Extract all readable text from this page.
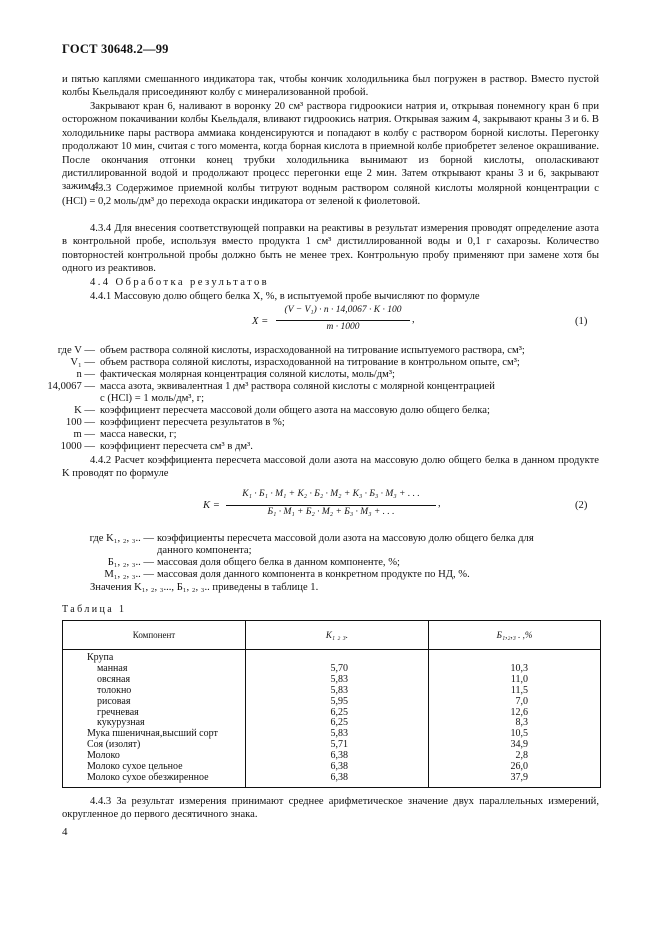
ГОСТ 30648.2—99
и пятью каплями смешанного индикатора так, чтобы кончик холодильника был погружен в раствор. Вместо пустой колбы Кьельдаля присоединяют колбу с минерализованной пробой.
Закрывают кран 6, наливают в воронку 20 см³ раствора гидроокиси натрия и, открывая понемногу кран 6 при осторожном покачивании колбы Кьельдаля, вливают гидроокись натрия. Открывая зажим 4, закрывают краны 3 и 6. В холодильнике пары раствора аммиака конденсируются и попадают в колбу с раствором борной кислоты. Перегонку продолжают 10 мин, считая с того момента, когда борная кислота в приемной колбе приобретет зеленое окрашивание. После окончания отгонки конец трубки холодильника вынимают из борной кислоты, ополаскивают дистиллированной водой и продолжают процесс перегонки еще 2 мин. Затем открывают краны 3 и 6, закрывают зажим 4.
4.3.3 Содержимое приемной колбы титруют водным раствором соляной кислоты молярной концентрации c (HCl) = 0,2 моль/дм³ до перехода окраски индикатора от зеленой к фиолетовой.
4.3.4 Для внесения соответствующей поправки на реактивы в результат измерения проводят определение азота в контрольной пробе, используя вместо продукта 1 см³ дистиллированной воды и 0,1 г сахарозы. Количество повторностей контрольной пробы должно быть не менее трех. Контрольную пробу применяют при замене хотя бы одного из реактивов.
4.4 Обработка результатов
4.4.1 Массовую долю общего белка X, %, в испытуемой пробе вычисляют по формуле
X =
(V − V₁) · n · 14,0067 · K · 100
m · 1000
,	(1)
где V — объем раствора соляной кислоты, израсходованной на титрование испытуемого раствора, см³;
V₁ — объем раствора соляной кислоты, израсходованной на титрование в контрольном опыте, см³;
n — фактическая молярная концентрация соляной кислоты, моль/дм³;
14,0067 — масса азота, эквивалентная 1 дм³ раствора соляной кислоты с молярной концентрацией
c (HCl) = 1 моль/дм³, г;
K — коэффициент пересчета массовой доли общего азота на массовую долю общего белка;
100 — коэффициент пересчета результатов в %;
m — масса навески, г;
1000 — коэффициент пересчета см³ в дм³.
4.4.2 Расчет коэффициента пересчета массовой доли азота на массовую долю общего белка в данном продукте K проводят по формуле
K =
K₁ · Б₁ · M₁ + K₂ · Б₂ · M₂ + K₃ · Б₃ · M₃ + . . .
Б₁ · M₁ + Б₂ · M₂ + Б₃ · M₃ + . . .
,	(2)
где K₁, ₂, ₃.. — коэффициенты пересчета массовой доли азота на массовую долю общего белка для
данного компонента;
Б₁, ₂, ₃.. — массовая доля общего белка в данном компоненте, %;
M₁, ₂, ₃.. — массовая доля данного компонента в конкретном продукте по НД, %.
Значения K₁, ₂, ₃..., Б₁, ₂, ₃.. приведены в таблице 1.
Таблица 1
Компонент	K₁ ₂ ₃.	Б₁,₂,₃ . ,%
Крупа		
манная	5,70	10,3
овсяная	5,83	11,0
толокно	5,83	11,5
рисовая	5,95	7,0
гречневая	6,25	12,6
кукурузная	6,25	8,3
Мука пшеничная,высший сорт	5,83	10,5
Соя (изолят)	5,71	34,9
Молоко	6,38	2,8
Молоко сухое цельное	6,38	26,0
Молоко сухое обезжиренное	6,38	37,9
4.4.3 За результат измерения принимают среднее арифметическое значение двух параллельных измерений, округленное до первого десятичного знака.
4
